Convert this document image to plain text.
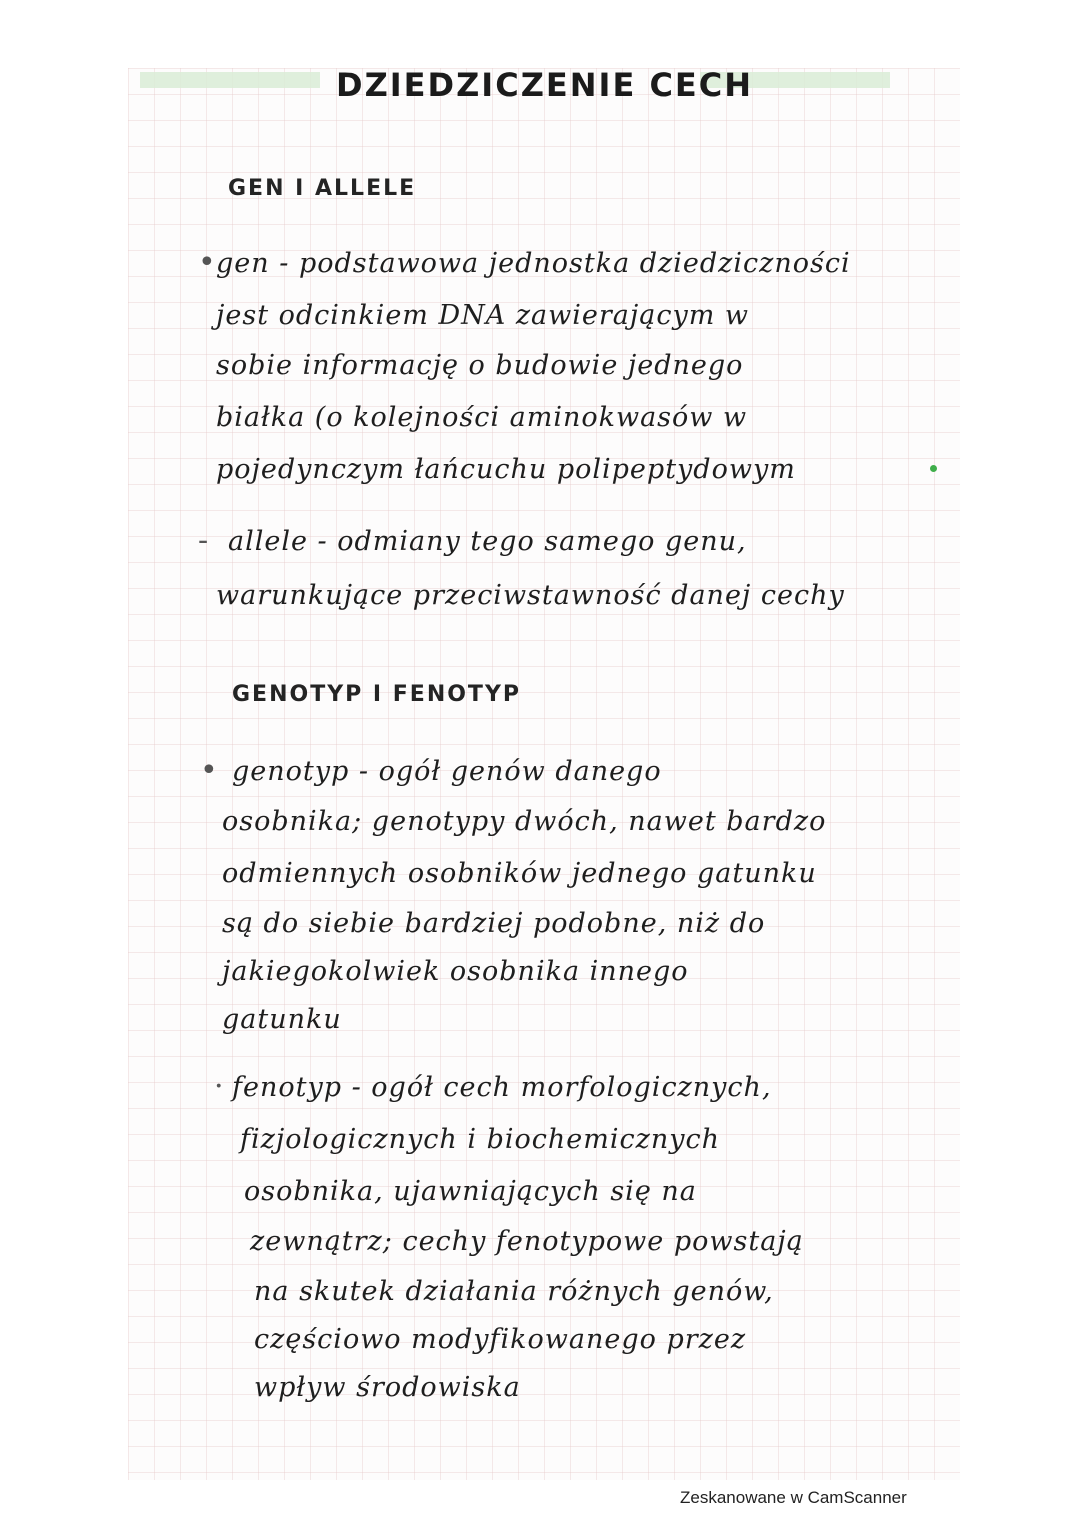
DZIEDZICZENIE CECH
GEN I ALLELE
• gen - podstawowa jednostka dziedziczności
jest odcinkiem DNA zawierającym w
sobie informację o budowie jednego
białka (o kolejności aminokwasów w
pojedynczym łańcuchu polipeptydowym
- allele - odmiany tego samego genu,
warunkujące przeciwstawność danej cechy
GENOTYP I FENOTYP
• genotyp - ogół genów danego
osobnika; genotypy dwóch, nawet bardzo
odmiennych osobników jednego gatunku
są do siebie bardziej podobne, niż do
jakiegokolwiek osobnika innego
gatunku
· fenotyp - ogół cech morfologicznych,
fizjologicznych i biochemicznych
osobnika, ujawniających się na
zewnątrz; cechy fenotypowe powstają
na skutek działania różnych genów,
częściowo modyfikowanego przez
wpływ środowiska
Zeskanowane w CamScanner
